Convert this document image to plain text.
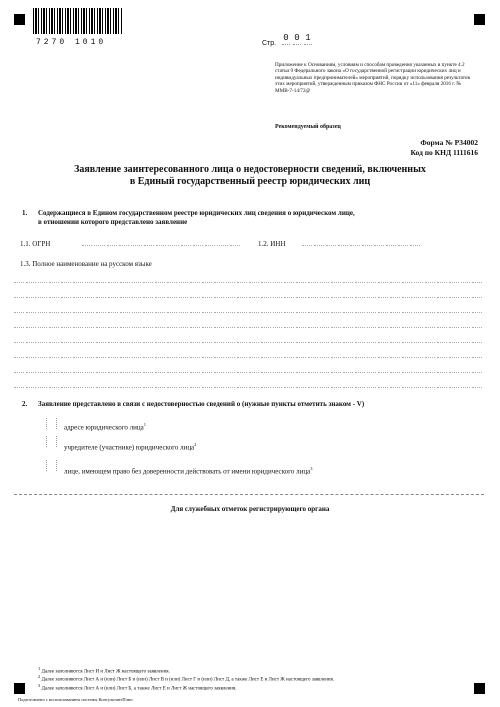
7270 1010	Стр.
0 0 1
Приложение к Основаниям, условиям и способам проведения указанных в пункте 4.2 статьи 9 Федерального закона «О государственной регистрации юридических лиц и индивидуальных предпринимателей» мероприятий, порядку использования результатов этих мероприятий, утвержденным приказом ФНС России от «11» февраля 2016 г. № ММВ-7-14/72@
Рекомендуемый образец
Форма № Р34002
Код по КНД 1111616
Заявление заинтересованного лица о недостоверности сведений, включенных
в Единый государственный реестр юридических лиц
1. Содержащиеся в Едином государственном реестре юридических лиц сведения о юридическом лице,
в отношении которого представлено заявление
1.1. ОГРН	1.2. ИНН
1.3. Полное наименование на русском языке
2. Заявление представлено в связи с недостоверностью сведений о (нужные пункты отметить знаком - V)
адресе юридического лица$^1$
учредителе (участнике) юридического лица$^2$
лице, имеющем право без доверенности действовать от имени юридического лица$^3$
Для служебных отметок регистрирующего органа
$^1$ Далее заполняются Лист И и Лист Ж настоящего заявления.
$^2$ Далее заполняются Лист А и (или) Лист Б и (или) Лист В и (или) Лист Г и (или) Лист Д, а также Лист Е и Лист Ж настоящего заявления.
$^3$ Далее заполняются Лист А и (или) Лист Б, а также Лист Е и Лист Ж настоящего заявления.
Подготовлено с использованием системы КонсультантПлюс
